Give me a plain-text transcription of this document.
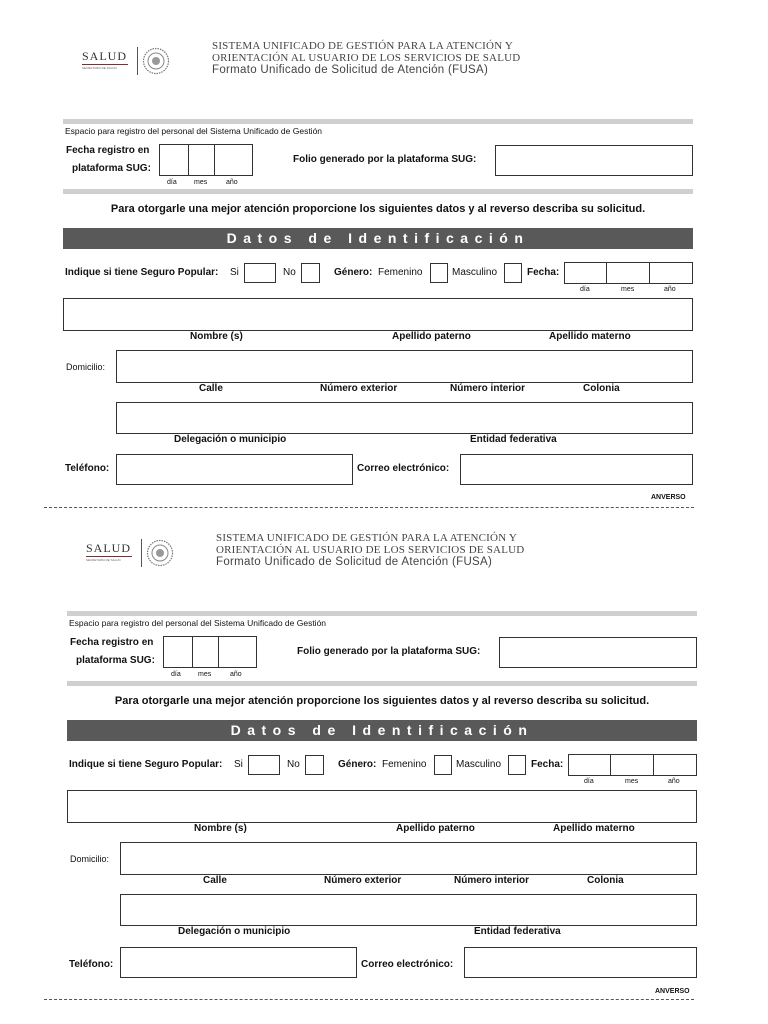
SALUD
SECRETARÍA DE SALUD
SISTEMA UNIFICADO DE GESTIÓN PARA LA ATENCIÓN Y
ORIENTACIÓN AL USUARIO DE LOS SERVICIOS DE SALUD
Formato Unificado de Solicitud de Atención (FUSA)
Espacio para registro del personal del Sistema Unificado de Gestión
Fecha registro en
plataforma SUG:
día mes	año
Folio generado por la plataforma SUG:
Para otorgarle una mejor atención proporcione los siguientes datos y al reverso describa su solicitud.
Datos de Identificación
Indique si tiene Seguro Popular: Si	No	Género: Femenino	Masculino	Fecha:
día	mes	año
Nombre (s)	Apellido paterno	Apellido materno
Domicilio:
Calle	Número exterior	Número interior	Colonia
Delegación o municipio	Entidad federativa
Teléfono:	Correo electrónico:
ANVERSO
SALUD
SECRETARÍA DE SALUD
SISTEMA UNIFICADO DE GESTIÓN PARA LA ATENCIÓN Y
ORIENTACIÓN AL USUARIO DE LOS SERVICIOS DE SALUD
Formato Unificado de Solicitud de Atención (FUSA)
Espacio para registro del personal del Sistema Unificado de Gestión
Fecha registro en
plataforma SUG:
día mes	año
Folio generado por la plataforma SUG:
Para otorgarle una mejor atención proporcione los siguientes datos y al reverso describa su solicitud.
Datos de Identificación
Indique si tiene Seguro Popular: Si	No	Género: Femenino	Masculino	Fecha:
día	mes	año
Nombre (s)	Apellido paterno	Apellido materno
Domicilio:
Calle	Número exterior	Número interior	Colonia
Delegación o municipio	Entidad federativa
Teléfono:	Correo electrónico:
ANVERSO
